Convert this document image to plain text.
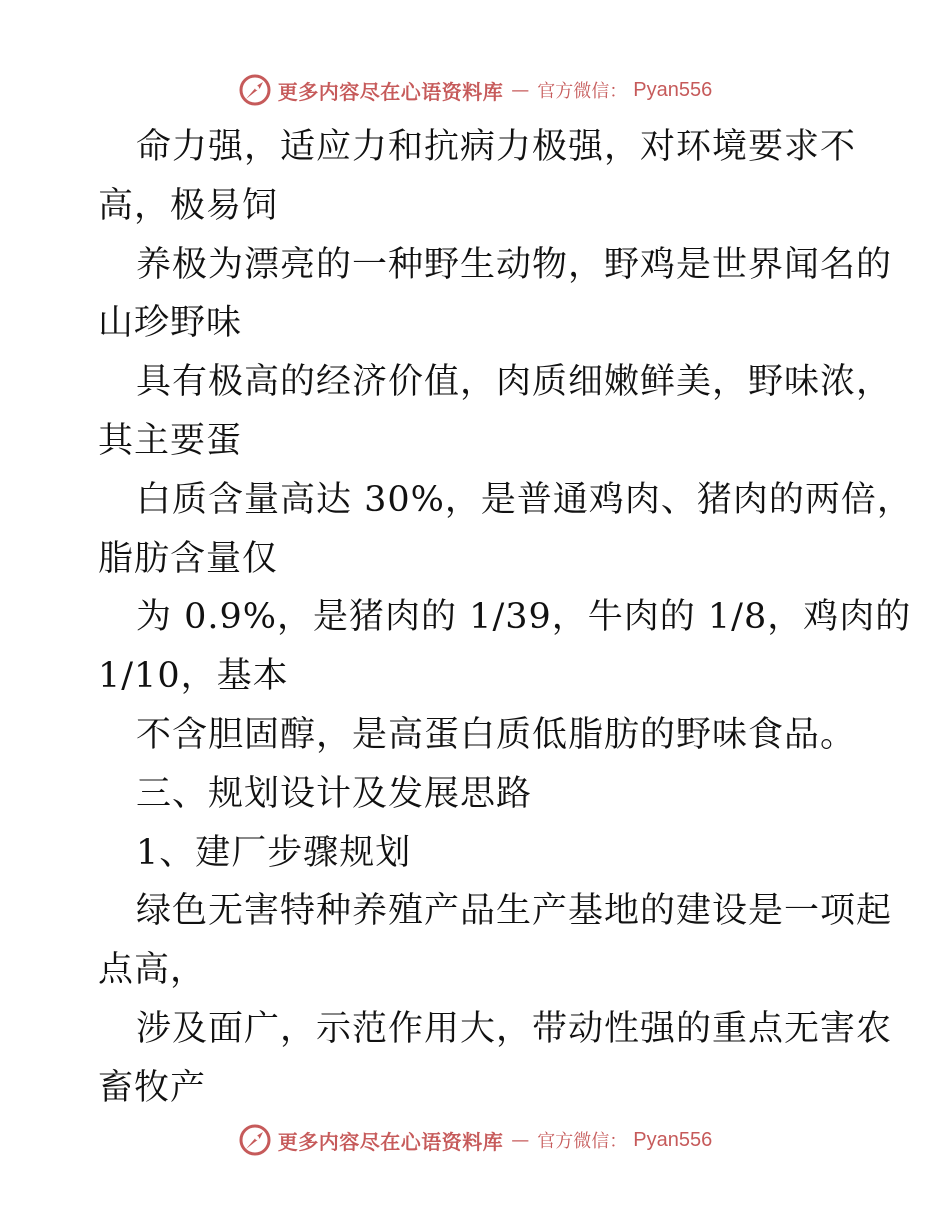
更多内容尽在心语资料库 — 官方微信： Pyan556
命力强，适应力和抗病力极强，对环境要求不
高，极易饲
养极为漂亮的一种野生动物，野鸡是世界闻名的
山珍野味
具有极高的经济价值，肉质细嫩鲜美，野味浓，
其主要蛋
白质含量高达 30%，是普通鸡肉、猪肉的两倍，
脂肪含量仅
为 0.9%，是猪肉的 1/39，牛肉的 1/8，鸡肉的
1/10，基本
不含胆固醇，是高蛋白质低脂肪的野味食品。
三、规划设计及发展思路
1、建厂步骤规划
绿色无害特种养殖产品生产基地的建设是一项起
点高，
涉及面广，示范作用大，带动性强的重点无害农
畜牧产
更多内容尽在心语资料库 — 官方微信： Pyan556
